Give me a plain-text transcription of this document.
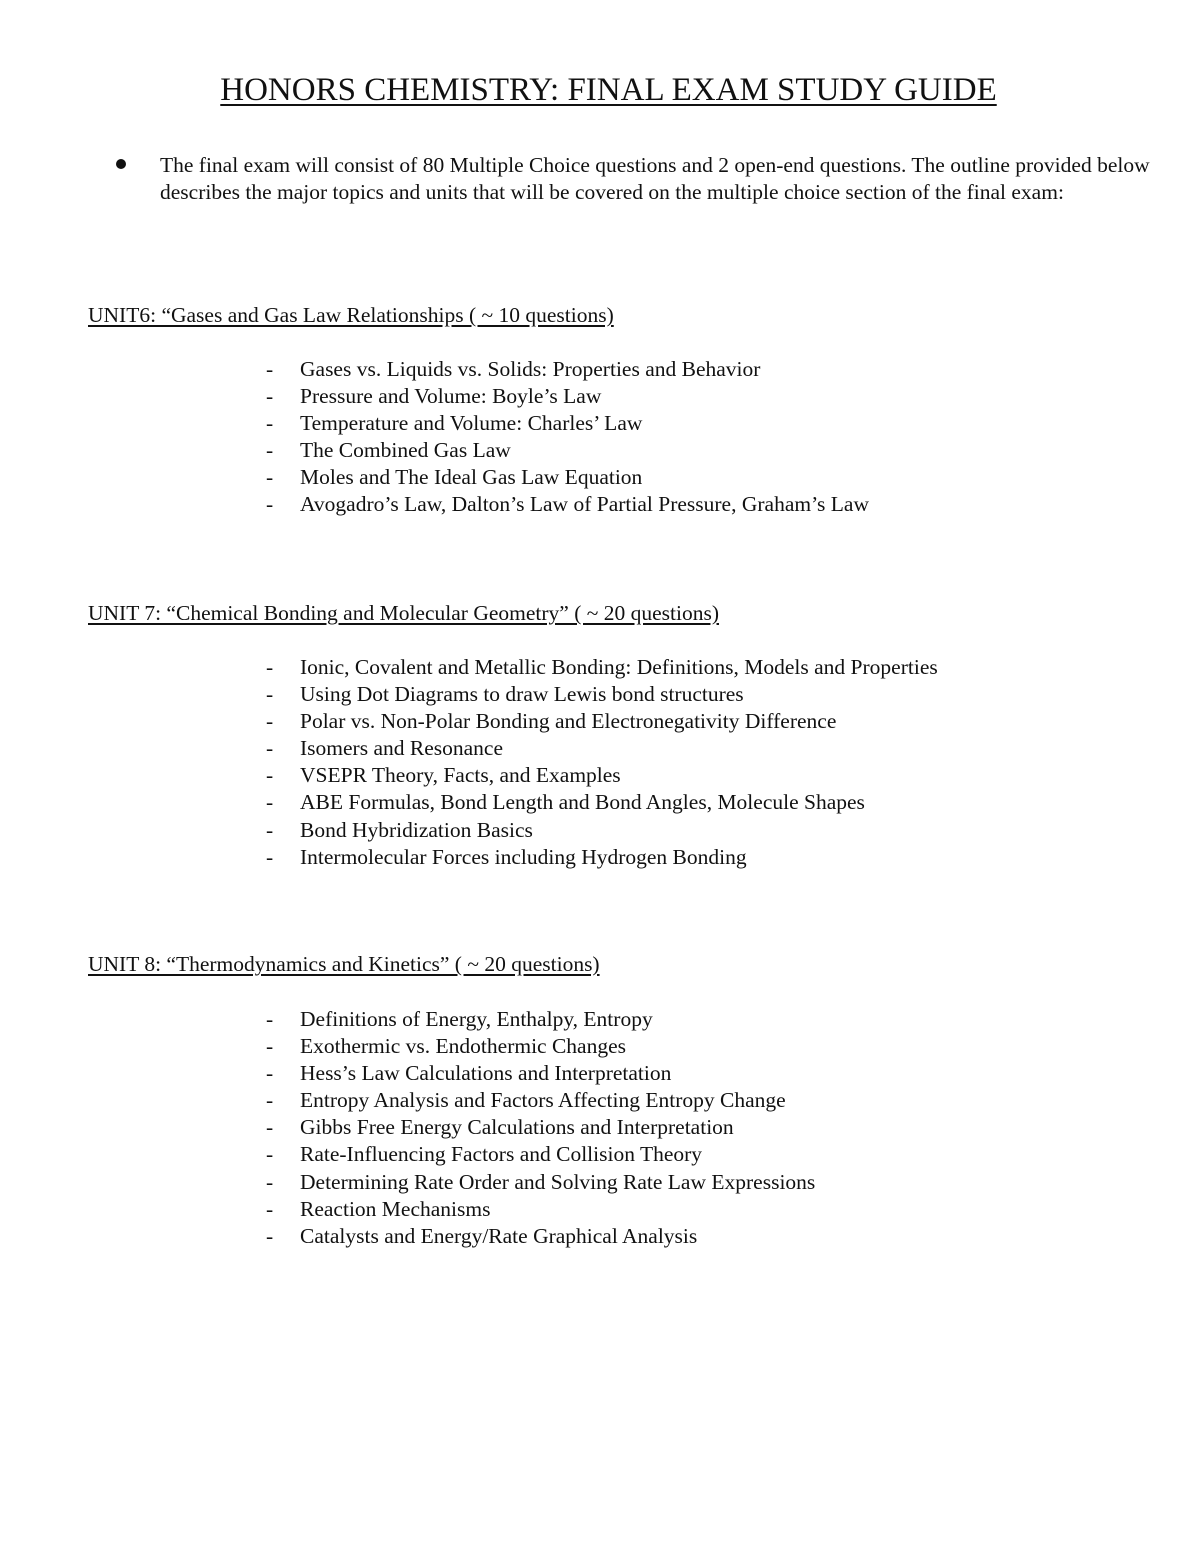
HONORS CHEMISTRY: FINAL EXAM STUDY GUIDE

The final exam will consist of 80 Multiple Choice questions and 2 open-end questions. The outline provided below describes the major topics and units that will be covered on the multiple choice section of the final exam:

UNIT6: “Gases and Gas Law Relationships ( ~ 10 questions)
- Gases vs. Liquids vs. Solids: Properties and Behavior
- Pressure and Volume: Boyle’s Law
- Temperature and Volume: Charles’ Law
- The Combined Gas Law
- Moles and The Ideal Gas Law Equation
- Avogadro’s Law, Dalton’s Law of Partial Pressure, Graham’s Law
UNIT 7: “Chemical Bonding and Molecular Geometry” ( ~ 20 questions)
- Ionic, Covalent and Metallic Bonding: Definitions, Models and Properties
- Using Dot Diagrams to draw Lewis bond structures
- Polar vs. Non-Polar Bonding and Electronegativity Difference
- Isomers and Resonance
- VSEPR Theory, Facts, and Examples
- ABE Formulas, Bond Length and Bond Angles, Molecule Shapes
- Bond Hybridization Basics
- Intermolecular Forces including Hydrogen Bonding
UNIT 8: “Thermodynamics and Kinetics” ( ~ 20 questions)
- Definitions of Energy, Enthalpy, Entropy
- Exothermic vs. Endothermic Changes
- Hess’s Law Calculations and Interpretation
- Entropy Analysis and Factors Affecting Entropy Change
- Gibbs Free Energy Calculations and Interpretation
- Rate-Influencing Factors and Collision Theory
- Determining Rate Order and Solving Rate Law Expressions
- Reaction Mechanisms
- Catalysts and Energy/Rate Graphical Analysis
